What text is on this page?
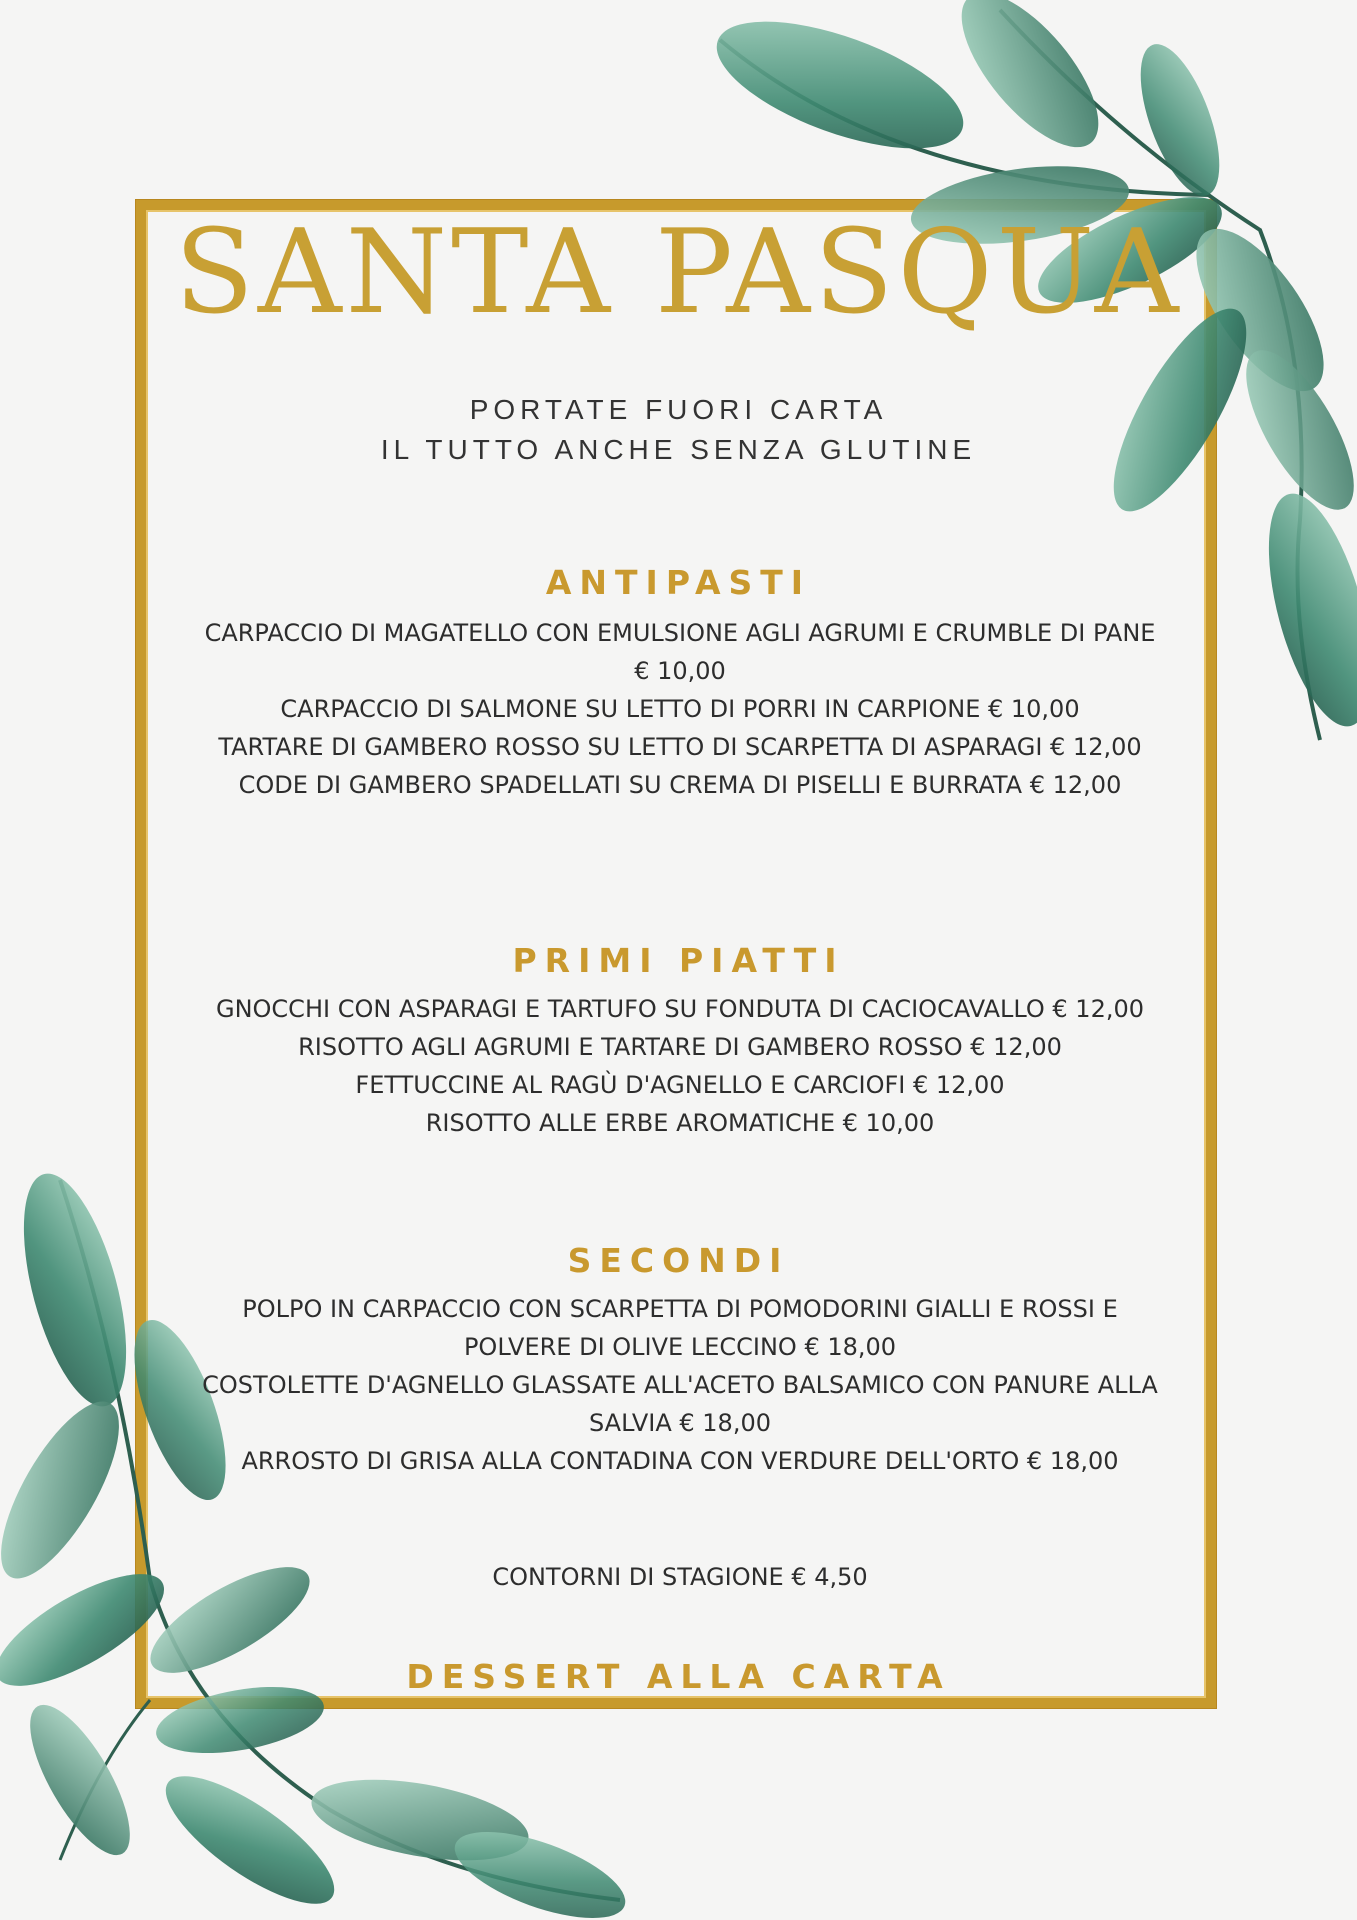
SANTA PASQUA
PORTATE FUORI CARTA
IL TUTTO ANCHE SENZA GLUTINE
ANTIPASTI
CARPACCIO DI MAGATELLO CON EMULSIONE AGLI AGRUMI E CRUMBLE DI PANE € 10,00
CARPACCIO DI SALMONE SU LETTO DI PORRI IN CARPIONE € 10,00
TARTARE DI GAMBERO ROSSO SU LETTO DI SCARPETTA DI ASPARAGI € 12,00
CODE DI GAMBERO SPADELLATI SU CREMA DI PISELLI E BURRATA € 12,00
PRIMI PIATTI
GNOCCHI CON ASPARAGI E TARTUFO SU FONDUTA DI CACIOCAVALLO € 12,00
RISOTTO AGLI AGRUMI E TARTARE DI GAMBERO ROSSO € 12,00
FETTUCCINE AL RAGÙ D'AGNELLO E CARCIOFI € 12,00
RISOTTO ALLE ERBE AROMATICHE € 10,00
SECONDI
POLPO IN CARPACCIO CON SCARPETTA DI POMODORINI GIALLI E ROSSI E POLVERE DI OLIVE LECCINO € 18,00
COSTOLETTE D'AGNELLO GLASSATE ALL'ACETO BALSAMICO CON PANURE ALLA SALVIA € 18,00
ARROSTO DI GRISA ALLA CONTADINA CON VERDURE DELL'ORTO € 18,00
CONTORNI DI STAGIONE € 4,50
DESSERT ALLA CARTA
